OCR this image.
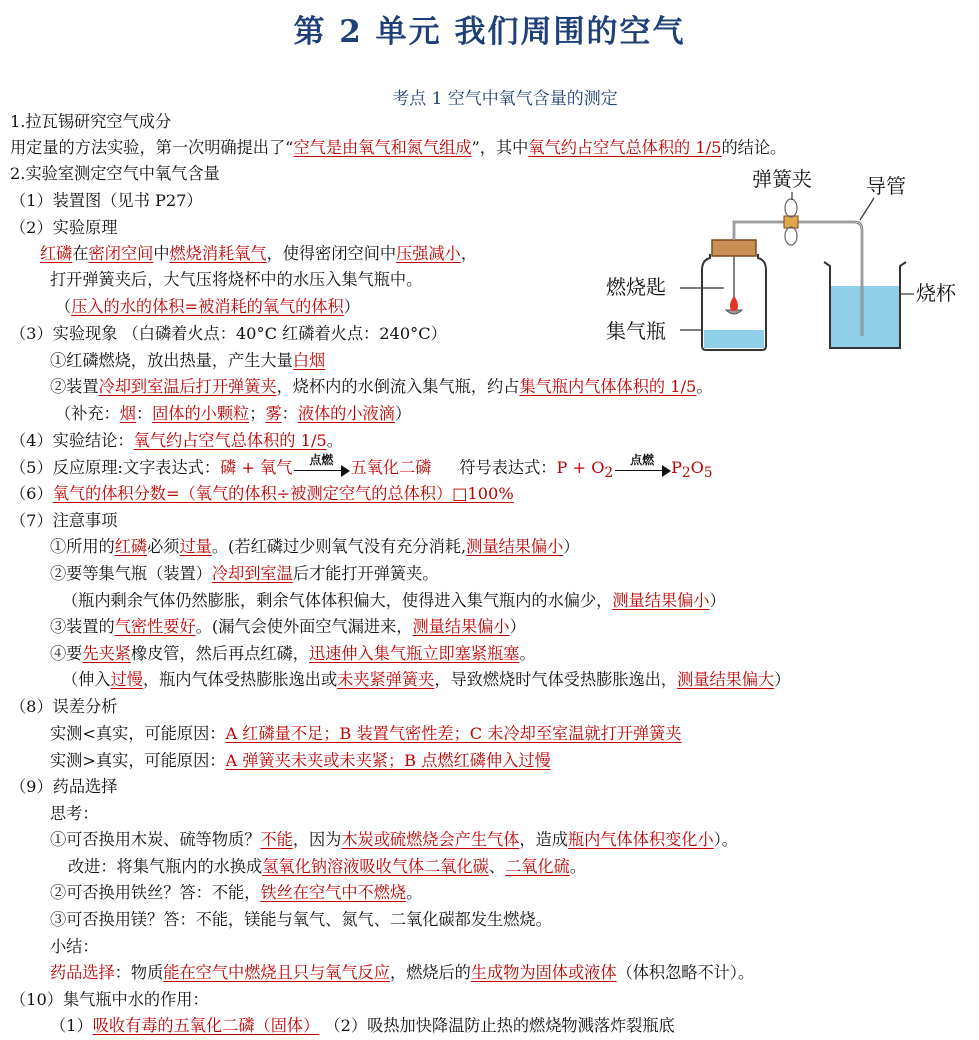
第 2 单元 我们周围的空气
考点 1 空气中氧气含量的测定
1.拉瓦锡研究空气成分
用定量的方法实验，第一次明确提出了“空气是由氧气和氮气组成”，其中氧气约占空气总体积的 1/5的结论。
2.实验室测定空气中氧气含量
（1）装置图（见书 P27）
（2）实验原理
红磷在密闭空间中燃烧消耗氧气，使得密闭空间中压强减小，
打开弹簧夹后，大气压将烧杯中的水压入集气瓶中。
（压入的水的体积=被消耗的氧气的体积）
（3）实验现象 （白磷着火点：40°C 红磷着火点：240°C）
①红磷燃烧，放出热量，产生大量白烟
②装置冷却到室温后打开弹簧夹，烧杯内的水倒流入集气瓶，约占集气瓶内气体体积的 1/5。
（补充：烟：固体的小颗粒；雾：液体的小液滴）
（4）实验结论：氧气约占空气总体积的 1/5。
（5）反应原理:文字表达式：磷 + 氧气	点燃	五氧化二磷 符号表达式：$P + O_2$
点燃	$P_2O_5$
（6）氧气的体积分数=（氧气的体积÷被测定空气的总体积）□100%
（7）注意事项
①所用的红磷必须过量。(若红磷过少则氧气没有充分消耗,测量结果偏小）
②要等集气瓶（装置）冷却到室温后才能打开弹簧夹。
（瓶内剩余气体仍然膨胀，剩余气体体积偏大，使得进入集气瓶内的水偏少，测量结果偏小）
③装置的气密性要好。(漏气会使外面空气漏进来，测量结果偏小）
④要先夹紧橡皮管，然后再点红磷，迅速伸入集气瓶立即塞紧瓶塞。
（伸入过慢，瓶内气体受热膨胀逸出或未夹紧弹簧夹，导致燃烧时气体受热膨胀逸出，测量结果偏大）
（8）误差分析
实测<真实，可能原因：A 红磷量不足；B 装置气密性差；C 未冷却至室温就打开弹簧夹
实测>真实，可能原因：A 弹簧夹未夹或未夹紧；B 点燃红磷伸入过慢
（9）药品选择
思考：
①可否换用木炭、硫等物质？不能，因为木炭或硫燃烧会产生气体，造成瓶内气体体积变化小）。
改进：将集气瓶内的水换成氢氧化钠溶液吸收气体二氧化碳、二氧化硫。
②可否换用铁丝？答：不能，铁丝在空气中不燃烧。
③可否换用镁？答：不能，镁能与氧气、氮气、二氧化碳都发生燃烧。
小结：
药品选择：物质能在空气中燃烧且只与氧气反应，燃烧后的生成物为固体或液体（体积忽略不计）。
（10）集气瓶中水的作用：
（1）吸收有毒的五氧化二磷（固体） （2）吸热加快降温防止热的燃烧物溅落炸裂瓶底
弹簧夹	导管
燃烧匙
集气瓶
烧杯
